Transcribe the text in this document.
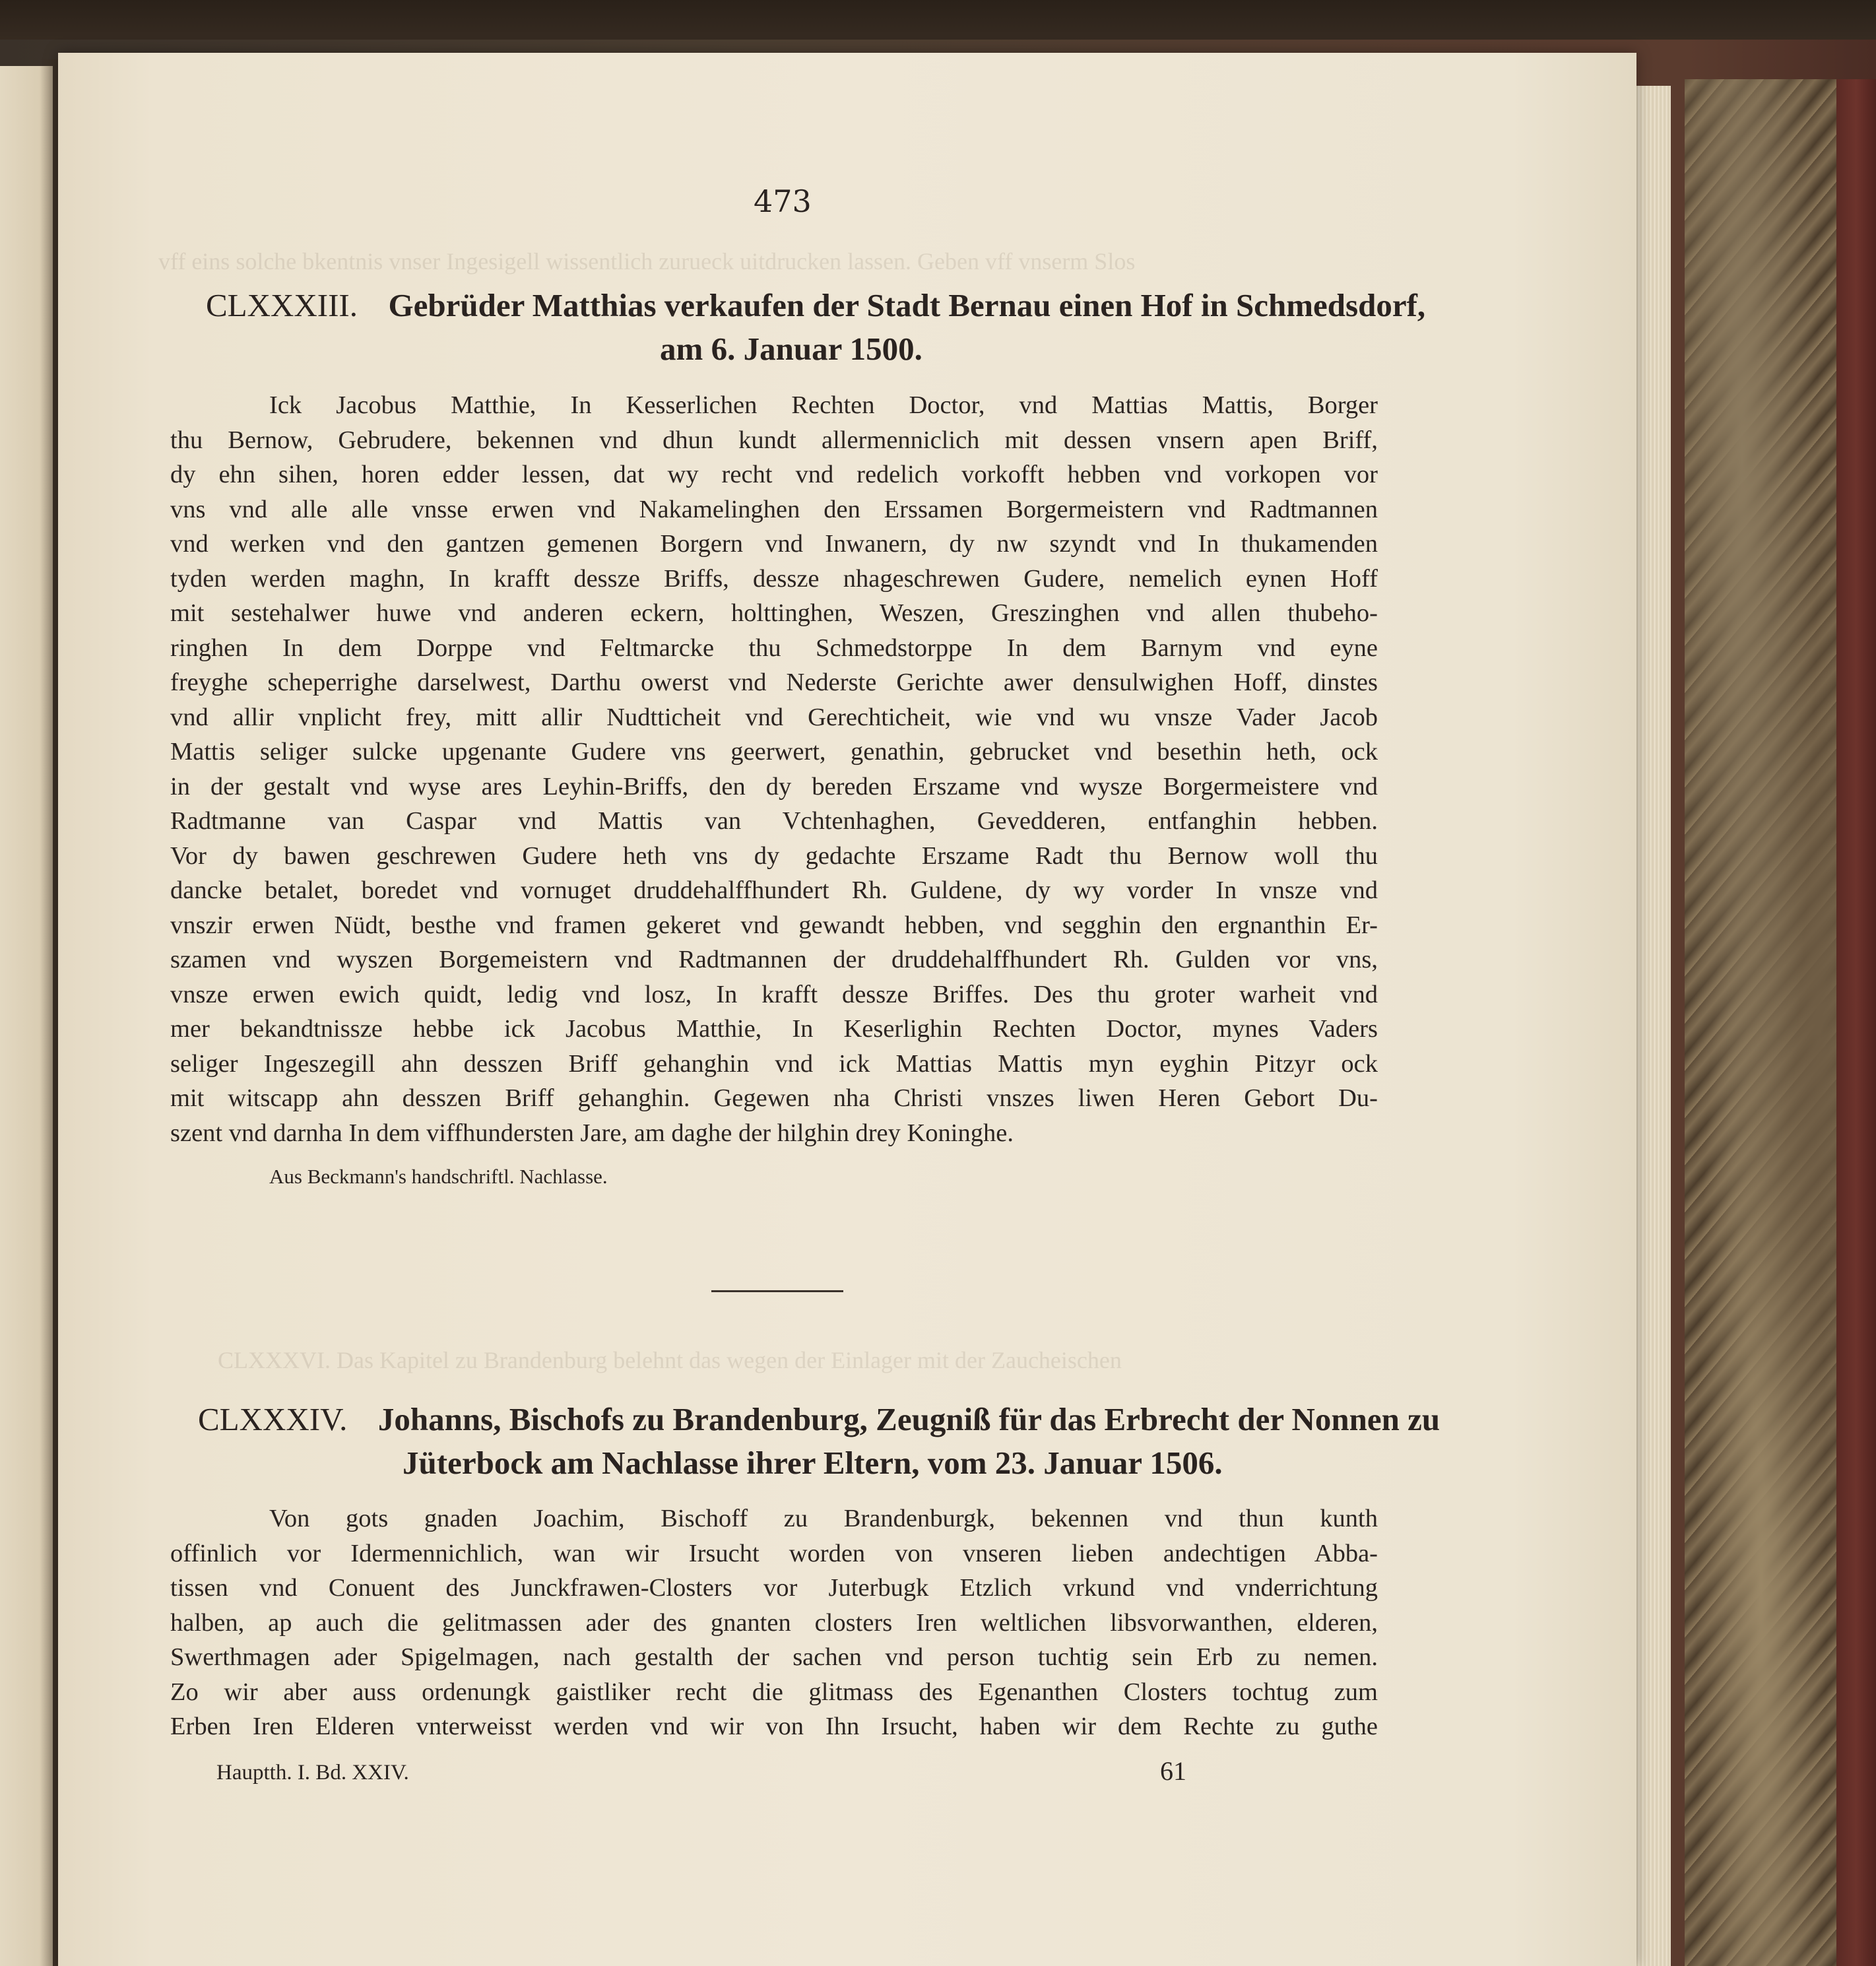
vff eins solche bkentnis vnser Ingesigell wissentlich zurueck uitdrucken lassen. Geben vff vnserm Slos
CLXXXVI. Das Kapitel zu Brandenburg belehnt das wegen der Einlager mit der Zaucheischen
473
CLXXXIII. Gebrüder Matthias verkaufen der Stadt Bernau einen Hof in Schmedsdorf,
am 6. Januar 1500.
Ick Jacobus Matthie, In Kesserlichen Rechten Doctor, vnd Mattias Mattis, Borger
thu Bernow, Gebrudere, bekennen vnd dhun kundt allermenniclich mit dessen vnsern apen Briff,
dy ehn sihen, horen edder lessen, dat wy recht vnd redelich vorkofft hebben vnd vorkopen vor
vns vnd alle alle vnsse erwen vnd Nakamelinghen den Erssamen Borgermeistern vnd Radtmannen
vnd werken vnd den gantzen gemenen Borgern vnd Inwanern, dy nw szyndt vnd In thukamenden
tyden werden maghn, In krafft dessze Briffs, dessze nhageschrewen Gudere, nemelich eynen Hoff
mit sestehalwer huwe vnd anderen eckern, holttinghen, Weszen, Greszinghen vnd allen thubeho-
ringhen In dem Dorppe vnd Feltmarcke thu Schmedstorppe In dem Barnym vnd eyne
freyghe scheperrighe darselwest, Darthu owerst vnd Nederste Gerichte awer densulwighen Hoff, dinstes
vnd allir vnplicht frey, mitt allir Nudtticheit vnd Gerechticheit, wie vnd wu vnsze Vader Jacob
Mattis seliger sulcke upgenante Gudere vns geerwert, genathin, gebrucket vnd besethin heth, ock
in der gestalt vnd wyse ares Leyhin-Briffs, den dy bereden Erszame vnd wysze Borgermeistere vnd
Radtmanne van Caspar vnd Mattis van Vchtenhaghen, Gevedderen, entfanghin hebben.
Vor dy bawen geschrewen Gudere heth vns dy gedachte Erszame Radt thu Bernow woll thu
dancke betalet, boredet vnd vornuget druddehalffhundert Rh. Guldene, dy wy vorder In vnsze vnd
vnszir erwen Nüdt, besthe vnd framen gekeret vnd gewandt hebben, vnd segghin den ergnanthin Er-
szamen vnd wyszen Borgemeistern vnd Radtmannen der druddehalffhundert Rh. Gulden vor vns,
vnsze erwen ewich quidt, ledig vnd losz, In krafft dessze Briffes. Des thu groter warheit vnd
mer bekandtnissze hebbe ick Jacobus Matthie, In Keserlighin Rechten Doctor, mynes Vaders
seliger Ingeszegill ahn desszen Briff gehanghin vnd ick Mattias Mattis myn eyghin Pitzyr ock
mit witscapp ahn desszen Briff gehanghin. Gegewen nha Christi vnszes liwen Heren Gebort Du-
szent vnd darnha In dem viffhundersten Jare, am daghe der hilghin drey Koninghe.
Aus Beckmann's handschriftl. Nachlasse.
CLXXXIV. Johanns, Bischofs zu Brandenburg, Zeugniß für das Erbrecht der Nonnen zu
Jüterbock am Nachlasse ihrer Eltern, vom 23. Januar 1506.
Von gots gnaden Joachim, Bischoff zu Brandenburgk, bekennen vnd thun kunth
offinlich vor Idermennichlich, wan wir Irsucht worden von vnseren lieben andechtigen Abba-
tissen vnd Conuent des Junckfrawen-Closters vor Juterbugk Etzlich vrkund vnd vnderrichtung
halben, ap auch die gelitmassen ader des gnanten closters Iren weltlichen libsvorwanthen, elderen,
Swerthmagen ader Spigelmagen, nach gestalth der sachen vnd person tuchtig sein Erb zu nemen.
Zo wir aber auss ordenungk gaistliker recht die glitmass des Egenanthen Closters tochtug zum
Erben Iren Elderen vnterweisst werden vnd wir von Ihn Irsucht, haben wir dem Rechte zu guthe
Hauptth. I. Bd. XXIV.	61
